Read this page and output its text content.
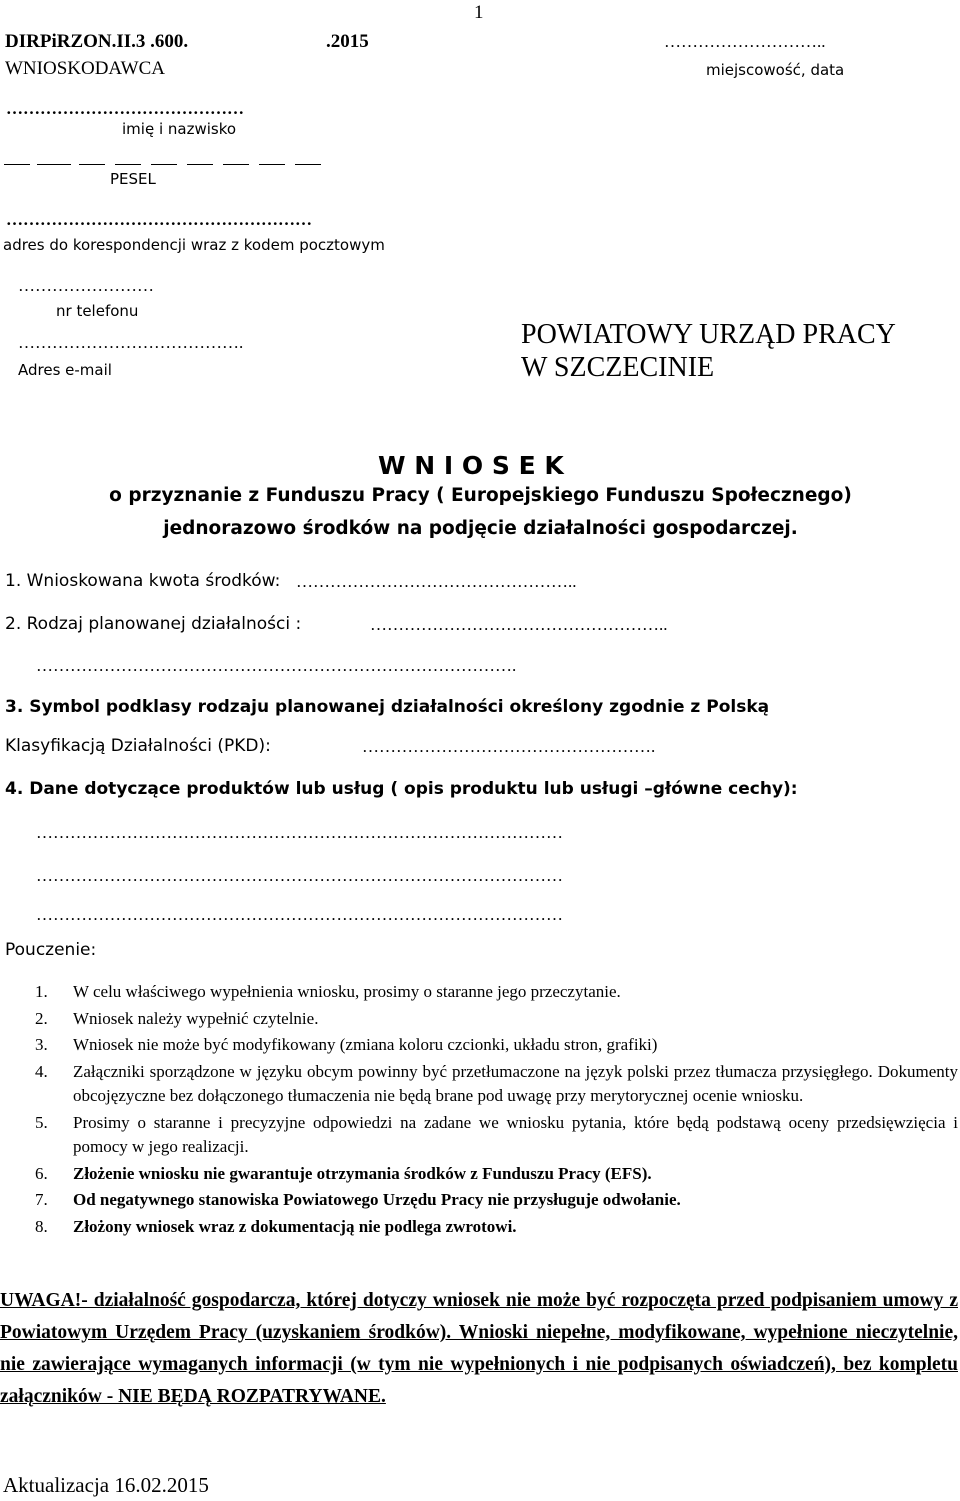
1
DIRPiRZON.II.3 .600.	.2015
WNIOSKODAWCA
………………………..
miejscowość, data
……………………………………
imię i nazwisko
PESEL
………………………………………………
adres do korespondencji wraz z kodem pocztowym
……………………
nr telefonu
………………………………….
Adres e-mail
POWIATOWY URZĄD PRACY
W SZCZECINIE
W N I O S E K
o przyznanie z Funduszu Pracy ( Europejskiego Funduszu Społecznego)
jednorazowo środków na podjęcie działalności gospodarczej.
1. Wnioskowana kwota środków: …………………………………………..
2. Rodzaj planowanej działalności :	……………………………………………..
………………………………………………………………………….
3. Symbol podklasy rodzaju planowanej działalności określony zgodnie z Polską
Klasyfikacją Działalności (PKD):	…………………………………………….
4. Dane dotyczące produktów lub usług ( opis produktu lub usługi –główne cechy):
…………………………………………………………………………………
…………………………………………………………………………………
…………………………………………………………………………………
Pouczenie:
1.	W celu właściwego wypełnienia wniosku, prosimy o staranne jego przeczytanie.
2.	Wniosek należy wypełnić czytelnie.
3.	Wniosek nie może być modyfikowany (zmiana koloru czcionki, układu stron, grafiki)
4.	Załączniki sporządzone w języku obcym powinny być przetłumaczone na język polski przez tłumacza przysięgłego. Dokumenty obcojęzyczne bez dołączonego tłumaczenia nie będą brane pod uwagę przy merytorycznej ocenie wniosku.
5.	Prosimy o staranne i precyzyjne odpowiedzi na zadane we wniosku pytania, które będą podstawą oceny przedsięwzięcia i pomocy w jego realizacji.
6.	Złożenie wniosku nie gwarantuje otrzymania środków z Funduszu Pracy (EFS).
7.	Od negatywnego stanowiska Powiatowego Urzędu Pracy nie przysługuje odwołanie.
8.	Złożony wniosek wraz z dokumentacją nie podlega zwrotowi.
UWAGA!- działalność gospodarcza, której dotyczy wniosek nie może być rozpoczęta przed podpisaniem umowy z Powiatowym Urzędem Pracy (uzyskaniem środków). Wnioski niepełne, modyfikowane, wypełnione nieczytelnie, nie zawierające wymaganych informacji (w tym nie wypełnionych i nie podpisanych oświadczeń), bez kompletu załączników - NIE BĘDĄ ROZPATRYWANE.
Aktualizacja 16.02.2015
